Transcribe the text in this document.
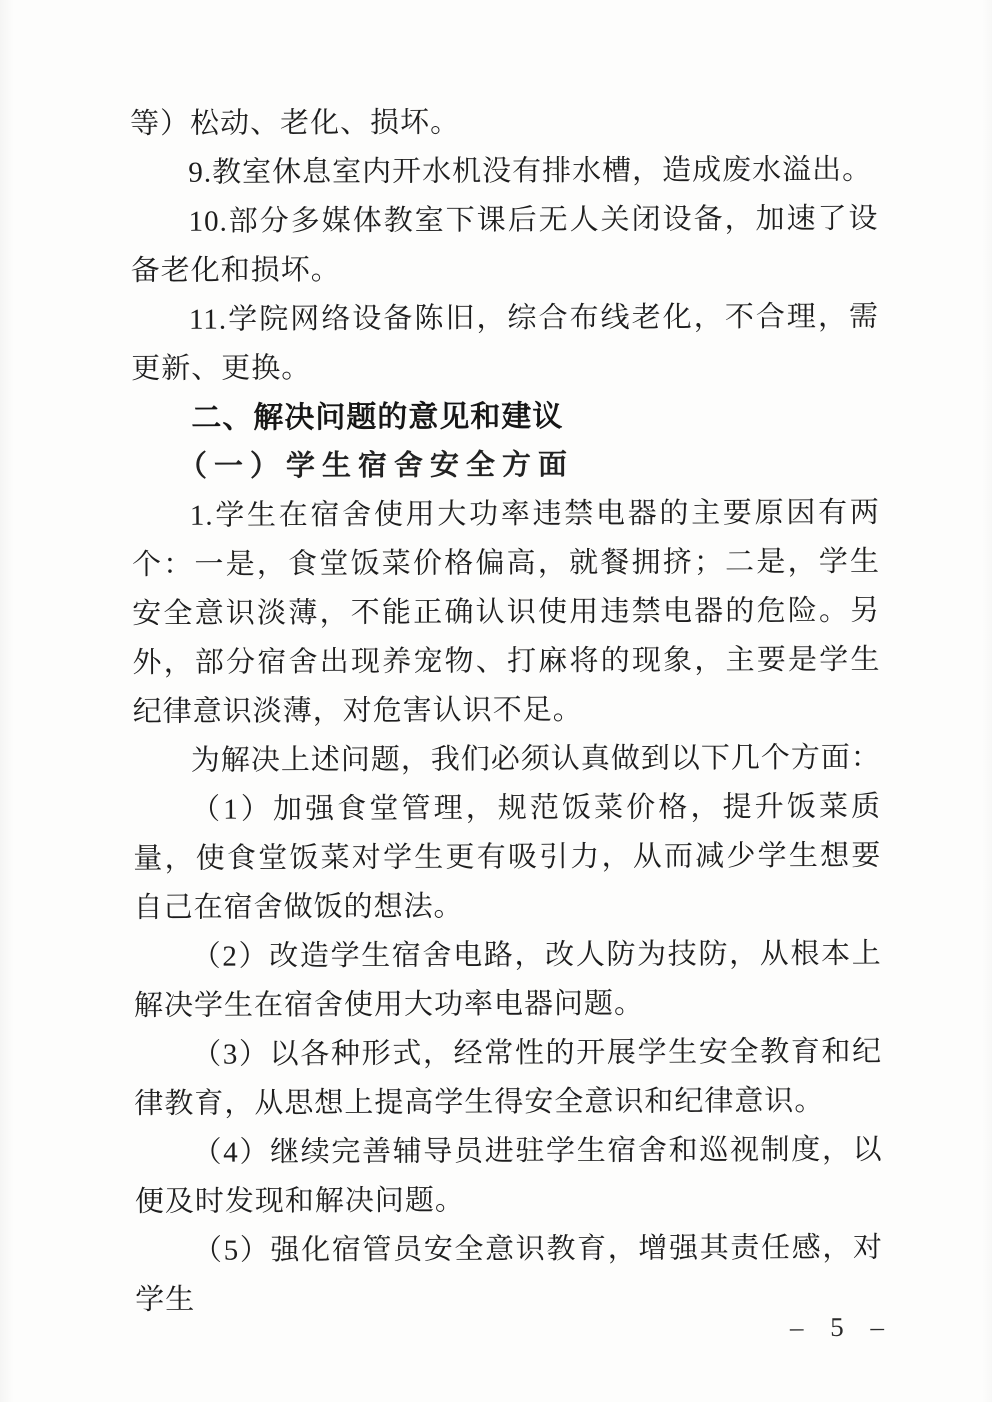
等）松动、老化、损坏。

9.教室休息室内开水机没有排水槽，造成废水溢出。

10.部分多媒体教室下课后无人关闭设备，加速了设备老化和损坏。

11.学院网络设备陈旧，综合布线老化，不合理，需更新、更换。

二、解决问题的意见和建议

（一）学生宿舍安全方面

1.学生在宿舍使用大功率违禁电器的主要原因有两个：一是，食堂饭菜价格偏高，就餐拥挤；二是，学生安全意识淡薄，不能正确认识使用违禁电器的危险。另外，部分宿舍出现养宠物、打麻将的现象，主要是学生纪律意识淡薄，对危害认识不足。

为解决上述问题，我们必须认真做到以下几个方面：

（1）加强食堂管理，规范饭菜价格，提升饭菜质量，使食堂饭菜对学生更有吸引力，从而减少学生想要自己在宿舍做饭的想法。

（2）改造学生宿舍电路，改人防为技防，从根本上解决学生在宿舍使用大功率电器问题。

（3）以各种形式，经常性的开展学生安全教育和纪律教育，从思想上提高学生得安全意识和纪律意识。

（4）继续完善辅导员进驻学生宿舍和巡视制度，以便及时发现和解决问题。

（5）强化宿管员安全意识教育，增强其责任感，对学生

– 5 –
